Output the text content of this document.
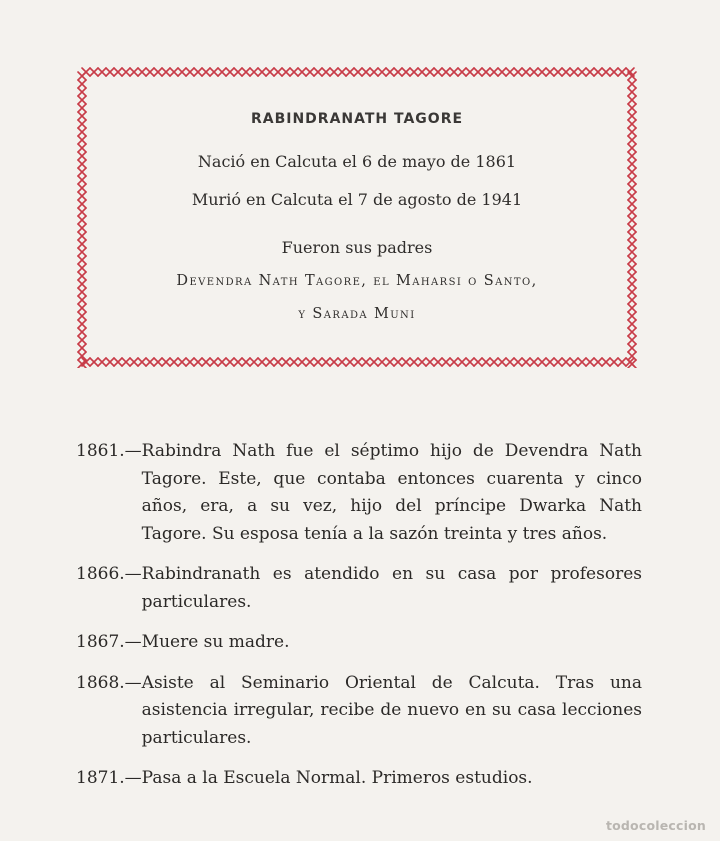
RABINDRANATH TAGORE
Nació en Calcuta el 6 de mayo de 1861
Murió en Calcuta el 7 de agosto de 1941
Fueron sus padres
Devendra Nath Tagore, el Maharsi o Santo,
y Sarada Muni
1861.— Rabindra Nath fue el séptimo hijo de Devendra Nath Tagore. Este, que contaba entonces cuarenta y cinco años, era, a su vez, hijo del príncipe Dwarka Nath Tagore. Su esposa tenía a la sazón treinta y tres años.
1866.— Rabindranath es atendido en su casa por profesores particulares.
1867.— Muere su madre.
1868.— Asiste al Seminario Oriental de Calcuta. Tras una asistencia irregular, recibe de nuevo en su casa lecciones particulares.
1871.— Pasa a la Escuela Normal. Primeros estudios.
todocoleccion
